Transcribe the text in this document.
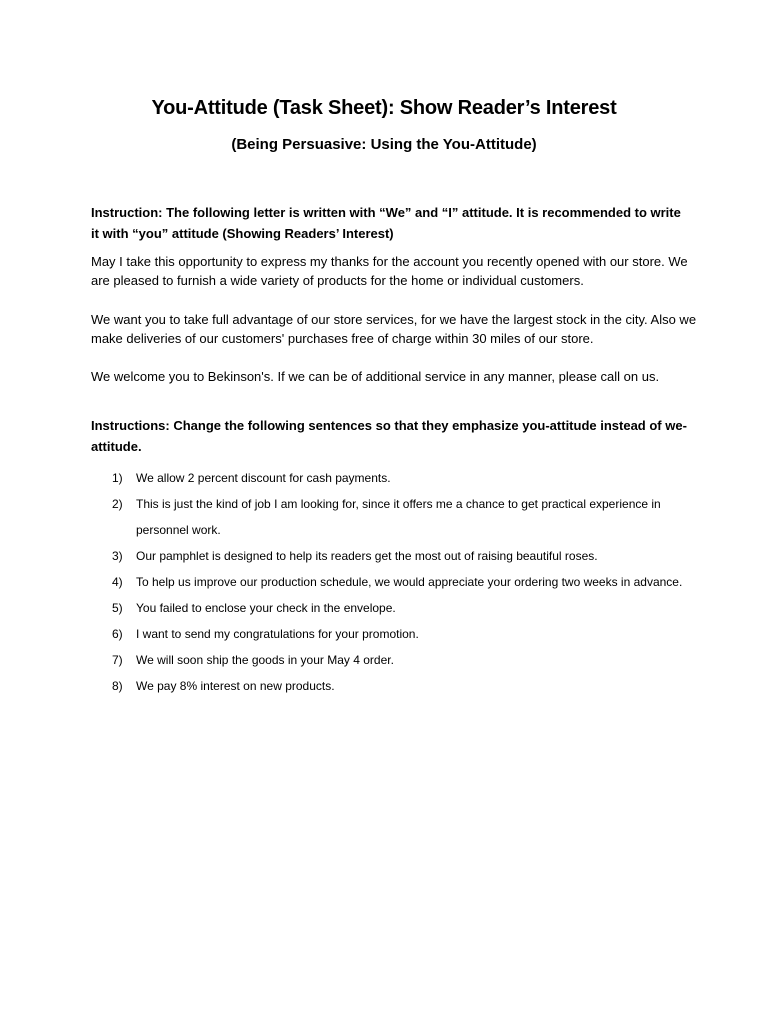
You-Attitude (Task Sheet): Show Reader’s Interest
(Being Persuasive: Using the You-Attitude)
Instruction: The following letter is written with “We” and “I” attitude. It is recommended to write it with “you” attitude (Showing Readers’ Interest)
May I take this opportunity to express my thanks for the account you recently opened with our store. We are pleased to furnish a wide variety of products for the home or individual customers.
We want you to take full advantage of our store services, for we have the largest stock in the city. Also we make deliveries of our customers' purchases free of charge within 30 miles of our store.
We welcome you to Bekinson's. If we can be of additional service in any manner, please call on us.
Instructions: Change the following sentences so that they emphasize you-attitude instead of we-attitude.
1) We allow 2 percent discount for cash payments.
2) This is just the kind of job I am looking for, since it offers me a chance to get practical experience in personnel work.
3) Our pamphlet is designed to help its readers get the most out of raising beautiful roses.
4) To help us improve our production schedule, we would appreciate your ordering two weeks in advance.
5) You failed to enclose your check in the envelope.
6) I want to send my congratulations for your promotion.
7) We will soon ship the goods in your May 4 order.
8) We pay 8% interest on new products.
